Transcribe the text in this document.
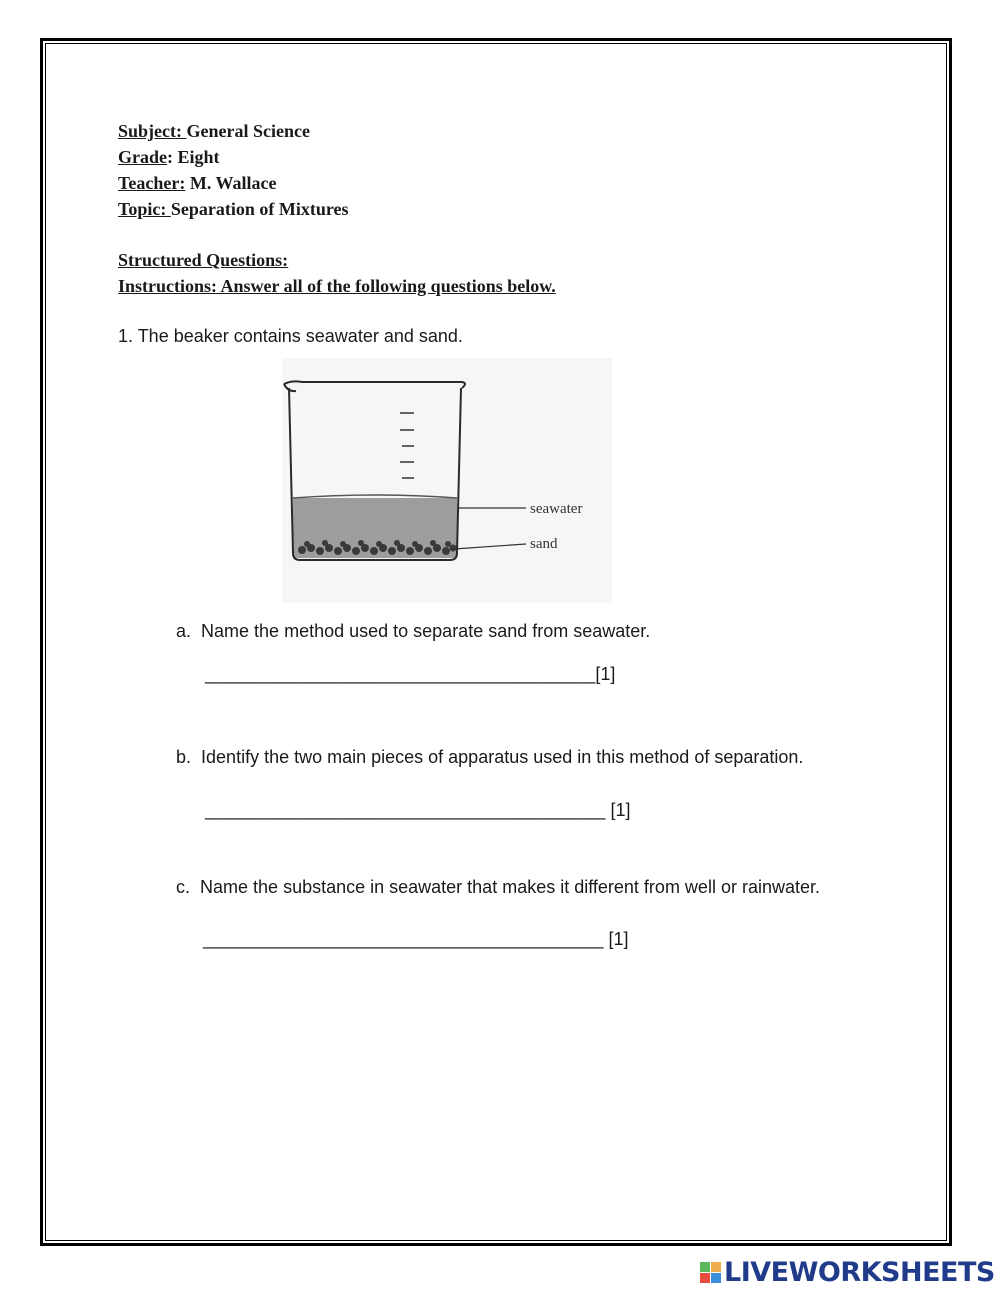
Subject: General Science
Grade: Eight
Teacher: M. Wallace
Topic: Separation of Mixtures
Structured Questions:
Instructions: Answer all of the following questions below.
1. The beaker contains seawater and sand.
seawater
sand
a. Name the method used to separate sand from seawater.
_______________________________________[1]
b. Identify the two main pieces of apparatus used in this method of separation.
________________________________________ [1]
c. Name the substance in seawater that makes it different from well or rainwater.
________________________________________ [1]
LIVEWORKSHEETS
